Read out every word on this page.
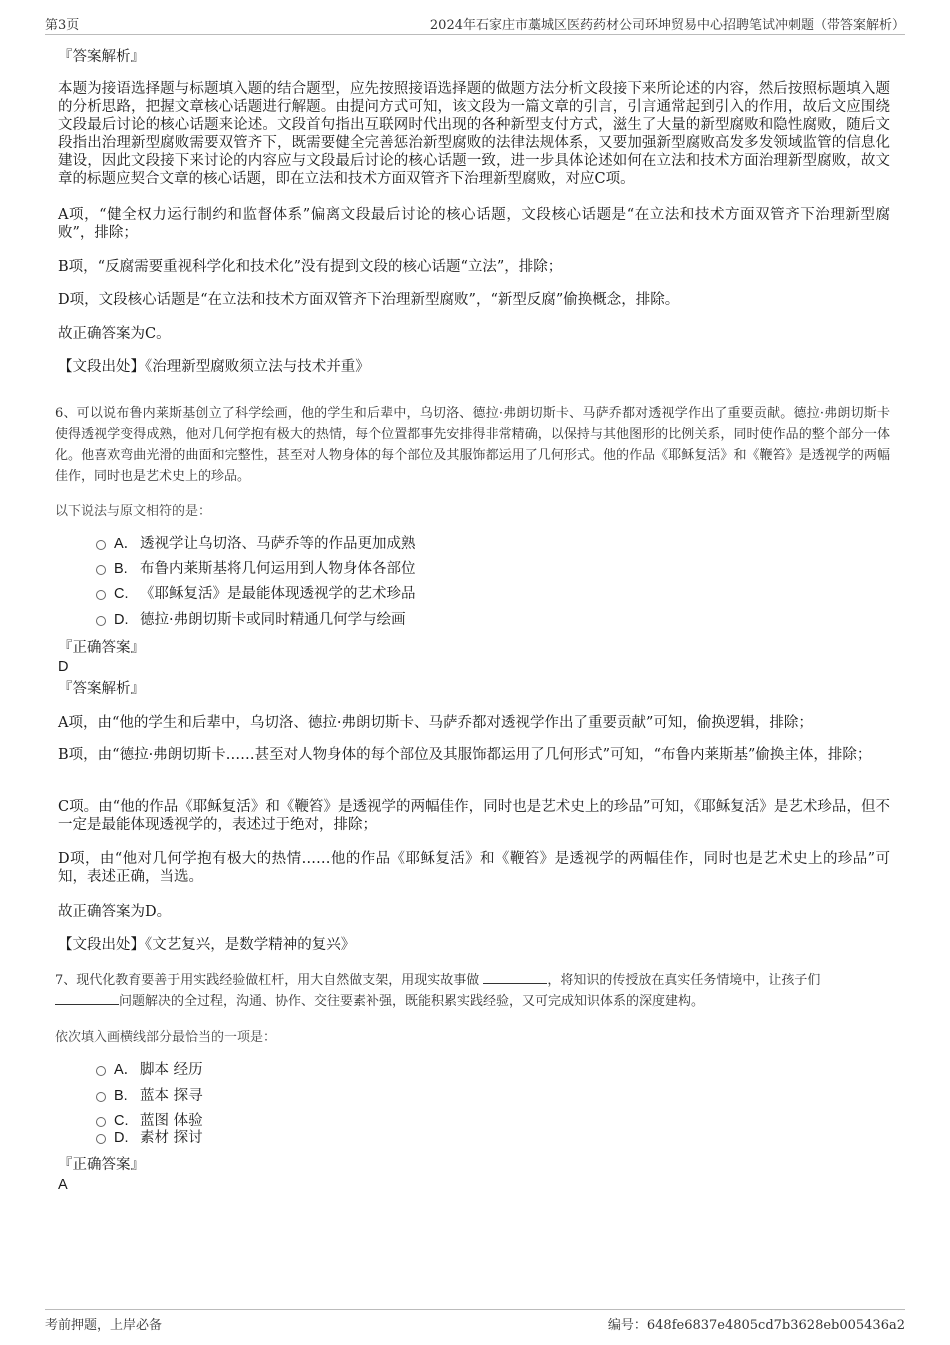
第3页	2024年石家庄市藁城区医药药材公司环坤贸易中心招聘笔试冲刺题（带答案解析）
『答案解析』
本题为接语选择题与标题填入题的结合题型，应先按照接语选择题的做题方法分析文段接下来所论述的内容，然后按照标题填入题的分析思路，把握文章核心话题进行解题。由提问方式可知，该文段为一篇文章的引言，引言通常起到引入的作用，故后文应围绕文段最后讨论的核心话题来论述。文段首句指出互联网时代出现的各种新型支付方式，滋生了大量的新型腐败和隐性腐败，随后文段指出治理新型腐败需要双管齐下，既需要健全完善惩治新型腐败的法律法规体系，又要加强新型腐败高发多发领域监管的信息化建设，因此文段接下来讨论的内容应与文段最后讨论的核心话题一致，进一步具体论述如何在立法和技术方面治理新型腐败，故文章的标题应契合文章的核心话题，即在立法和技术方面双管齐下治理新型腐败，对应C项。
A项，“健全权力运行制约和监督体系”偏离文段最后讨论的核心话题，文段核心话题是“在立法和技术方面双管齐下治理新型腐败”，排除；
B项，“反腐需要重视科学化和技术化”没有提到文段的核心话题“立法”，排除；
D项，文段核心话题是“在立法和技术方面双管齐下治理新型腐败”，“新型反腐”偷换概念，排除。
故正确答案为C。
【文段出处】《治理新型腐败须立法与技术并重》
6、可以说布鲁内莱斯基创立了科学绘画，他的学生和后辈中，乌切洛、德拉·弗朗切斯卡、马萨乔都对透视学作出了重要贡献。德拉·弗朗切斯卡使得透视学变得成熟，他对几何学抱有极大的热情，每个位置都事先安排得非常精确，以保持与其他图形的比例关系，同时使作品的整个部分一体化。他喜欢弯曲光滑的曲面和完整性，甚至对人物身体的每个部位及其服饰都运用了几何形式。他的作品《耶稣复活》和《鞭笞》是透视学的两幅佳作，同时也是艺术史上的珍品。
以下说法与原文相符的是：
A． 透视学让乌切洛、马萨乔等的作品更加成熟
B. 布鲁内莱斯基将几何运用到人物身体各部位
C. 《耶稣复活》是最能体现透视学的艺术珍品
D. 德拉·弗朗切斯卡或同时精通几何学与绘画
『正确答案』
D
『答案解析』
A项，由“他的学生和后辈中，乌切洛、德拉·弗朗切斯卡、马萨乔都对透视学作出了重要贡献”可知，偷换逻辑，排除；
B项，由“德拉·弗朗切斯卡……甚至对人物身体的每个部位及其服饰都运用了几何形式”可知，“布鲁内莱斯基”偷换主体，排除；
C项。由“他的作品《耶稣复活》和《鞭笞》是透视学的两幅佳作，同时也是艺术史上的珍品”可知，《耶稣复活》是艺术珍品，但不一定是最能体现透视学的，表述过于绝对，排除；
D项，由“他对几何学抱有极大的热情……他的作品《耶稣复活》和《鞭笞》是透视学的两幅佳作，同时也是艺术史上的珍品”可知，表述正确，当选。
故正确答案为D。
【文段出处】《文艺复兴，是数学精神的复兴》
7、现代化教育要善于用实践经验做杠杆，用大自然做支架，用现实故事做	，将知识的传授放在真实任务情境中，让孩子们
问题解决的全过程，沟通、协作、交往要素补强，既能积累实践经验，又可完成知识体系的深度建构。
依次填入画横线部分最恰当的一项是：
A． 脚本 经历
B. 蓝本 探寻
C. 蓝图 体验
D. 素材 探讨
『正确答案』
A
考前押题，上岸必备	编号：648fe6837e4805cd7b3628eb005436a2
